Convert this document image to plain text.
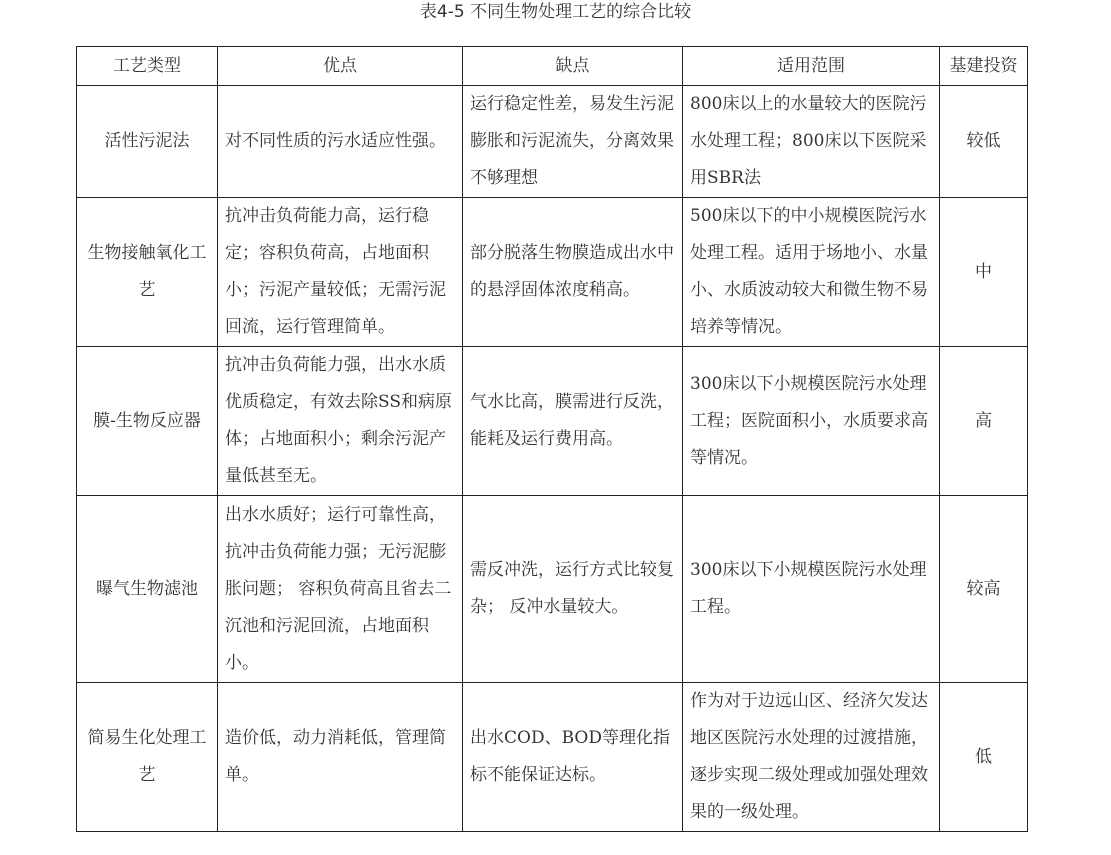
表4-5 不同生物处理工艺的综合比较
工艺类型	优点	缺点	适用范围	基建投资
活性污泥法	对不同性质的污水适应性强。	运行稳定性差，易发生污泥膨胀和污泥流失，分离效果不够理想	800床以上的水量较大的医院污水处理工程；800床以下医院采用SBR法	较低
生物接触氧化工艺	抗冲击负荷能力高，运行稳定；容积负荷高，占地面积小；污泥产量较低；无需污泥回流，运行管理简单。	部分脱落生物膜造成出水中的悬浮固体浓度稍高。	500床以下的中小规模医院污水处理工程。适用于场地小、水量小、水质波动较大和微生物不易培养等情况。	中
膜-生物反应器	抗冲击负荷能力强，出水水质优质稳定，有效去除SS和病原体；占地面积小；剩余污泥产量低甚至无。	气水比高，膜需进行反洗，能耗及运行费用高。	300床以下小规模医院污水处理工程；医院面积小，水质要求高等情况。	高
曝气生物滤池	出水水质好；运行可靠性高，抗冲击负荷能力强；无污泥膨胀问题； 容积负荷高且省去二沉池和污泥回流，占地面积小。	需反冲洗，运行方式比较复杂； 反冲水量较大。	300床以下小规模医院污水处理工程。	较高
简易生化处理工艺	造价低，动力消耗低，管理简单。	出水COD、BOD等理化指标不能保证达标。	作为对于边远山区、经济欠发达地区医院污水处理的过渡措施，逐步实现二级处理或加强处理效果的一级处理。	低
